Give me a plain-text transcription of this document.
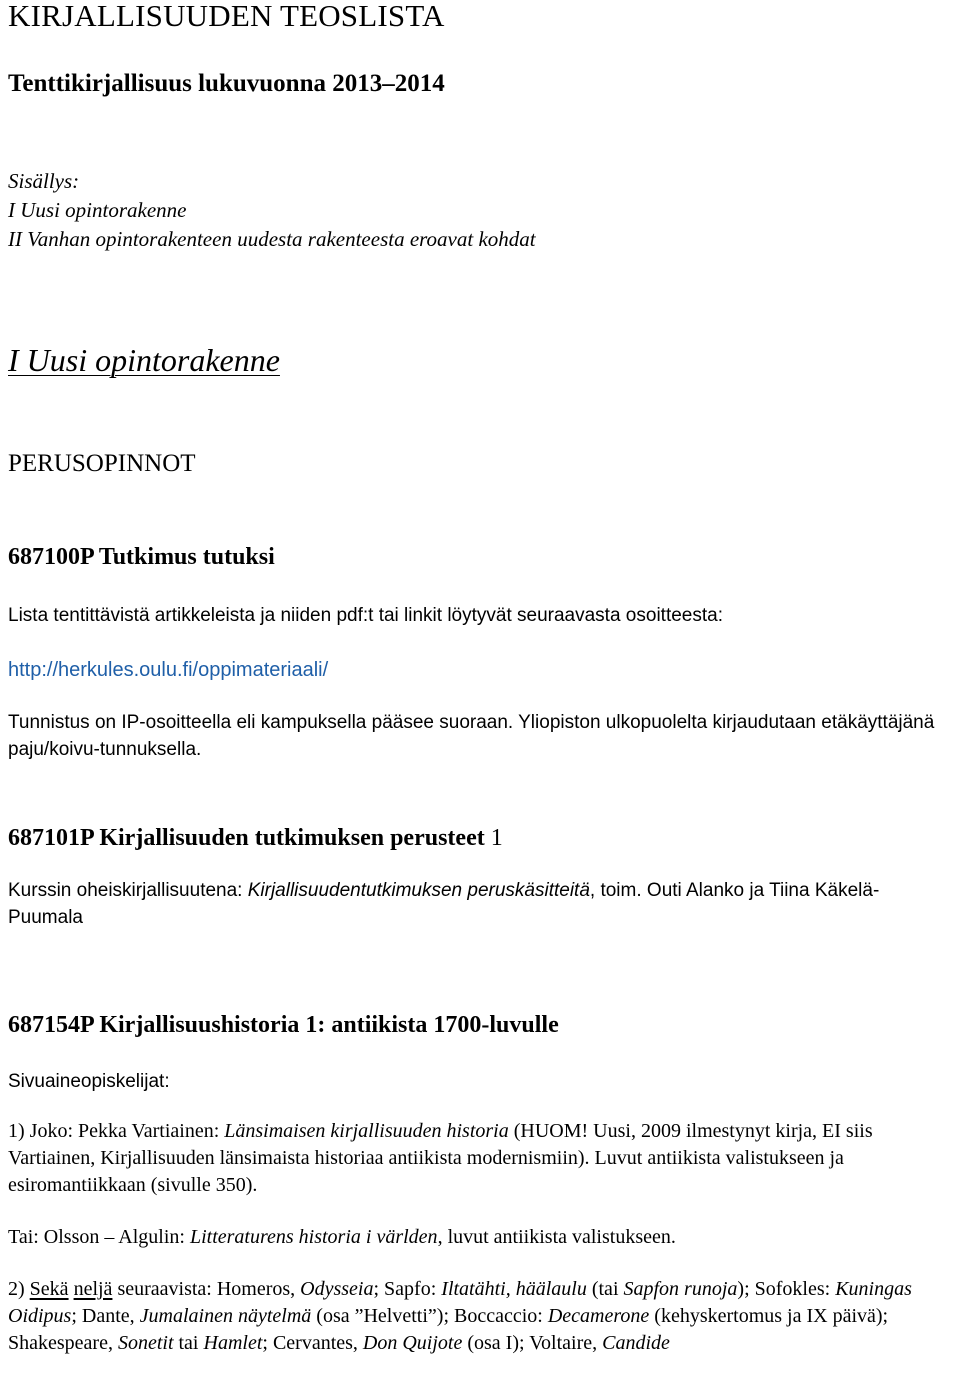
KIRJALLISUUDEN TEOSLISTA
Tenttikirjallisuus lukuvuonna 2013–2014
Sisällys:
I Uusi opintorakenne
II Vanhan opintorakenteen uudesta rakenteesta eroavat kohdat
I Uusi opintorakenne
PERUSOPINNOT
687100P Tutkimus tutuksi
Lista tentittävistä artikkeleista ja niiden pdf:t tai linkit löytyvät seuraavasta osoitteesta:
http://herkules.oulu.fi/oppimateriaali/
Tunnistus on IP-osoitteella eli kampuksella pääsee suoraan. Yliopiston ulkopuolelta kirjaudutaan etäkäyttäjänä paju/koivu-tunnuksella.
687101P Kirjallisuuden tutkimuksen perusteet 1
Kurssin oheiskirjallisuutena: Kirjallisuudentutkimuksen peruskäsitteitä, toim. Outi Alanko ja Tiina Käkelä- Puumala
687154P Kirjallisuushistoria 1: antiikista 1700-luvulle
Sivuaineopiskelijat:
1) Joko: Pekka Vartiainen: Länsimaisen kirjallisuuden historia (HUOM! Uusi, 2009 ilmestynyt kirja, EI siis Vartiainen, Kirjallisuuden länsimaista historiaa antiikista modernismiin). Luvut antiikista valistukseen ja esiromantiikkaan (sivulle 350).
Tai: Olsson – Algulin: Litteraturens historia i världen, luvut antiikista valistukseen.
2) Sekä neljä seuraavista: Homeros, Odysseia; Sapfo: Iltatähti, häälaulu (tai Sapfon runoja); Sofokles: Kuningas Oidipus; Dante, Jumalainen näytelmä (osa ”Helvetti”); Boccaccio: Decamerone (kehyskertomus ja IX päivä); Shakespeare, Sonetit tai Hamlet; Cervantes, Don Quijote (osa I); Voltaire, Candide
